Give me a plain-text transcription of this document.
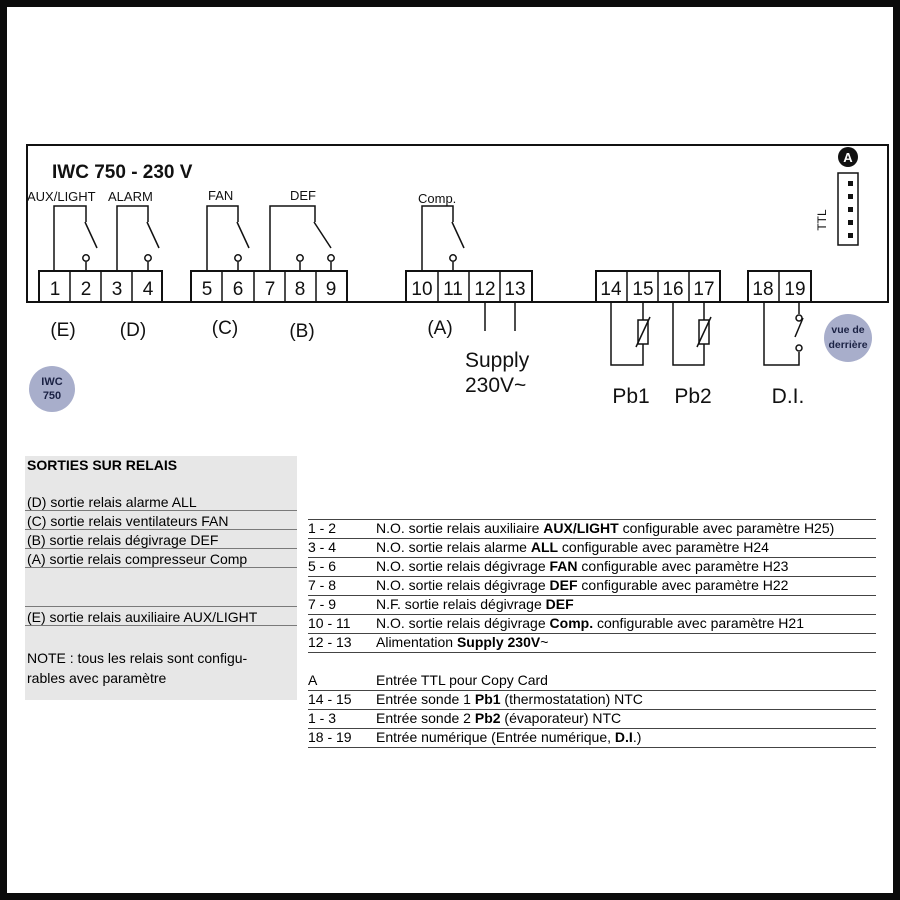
A
TTL
IWC 750 - 230 V
AUX/LIGHT ALARM	FAN	DEF	Comp.
1 2 3 4	5 6 7 8 9	10 11 12 13	14 15 16 17 18 19
(E) (D)	(C)	(B)	(A)
Supply
230V~	Pb1 Pb2	D.I.
IWC
750
vue de
derrière
SORTIES SUR RELAIS
(D) sortie relais alarme ALL
(C) sortie relais ventilateurs FAN
(B) sortie relais dégivrage DEF
(A) sortie relais compresseur Comp
(E) sortie relais auxiliaire AUX/LIGHT
NOTE : tous les relais sont configu-
rables avec paramètre
1 - 2	N.O. sortie relais auxiliaire AUX/LIGHT configurable avec paramètre H25)
3 - 4	N.O. sortie relais alarme ALL configurable avec paramètre H24
5 - 6	N.O. sortie relais dégivrage FAN configurable avec paramètre H23
7 - 8	N.O. sortie relais dégivrage DEF configurable avec paramètre H22
7 - 9	N.F. sortie relais dégivrage DEF
10 - 11	N.O. sortie relais dégivrage Comp. configurable avec paramètre H21
12 - 13	Alimentation Supply 230V~
A	Entrée TTL pour Copy Card
14 - 15	Entrée sonde 1 Pb1 (thermostatation) NTC
1 - 3	Entrée sonde 2 Pb2 (évaporateur) NTC
18 - 19	Entrée numérique (Entrée numérique, D.I.)
